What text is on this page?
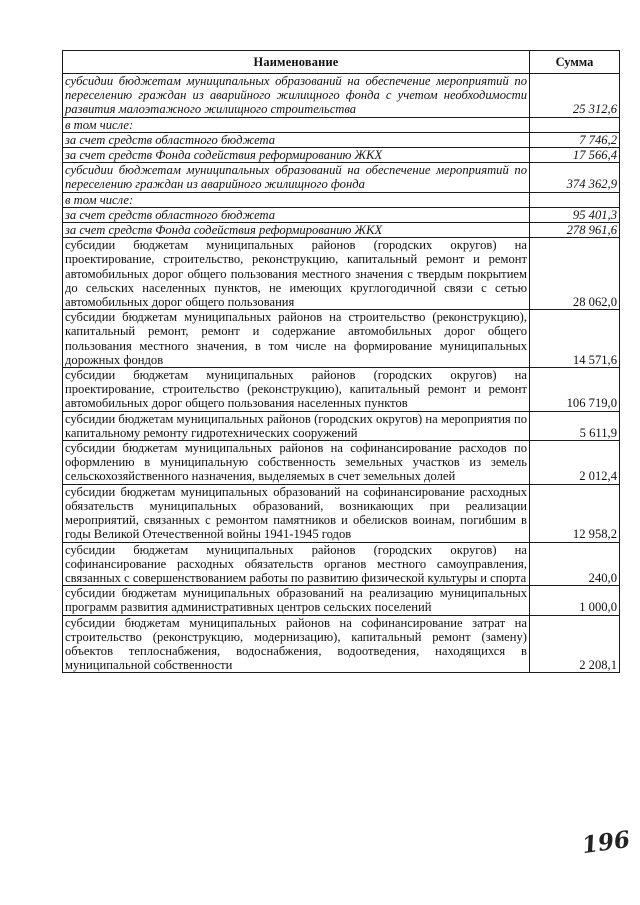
Наименование	Сумма
субсидии бюджетам муниципальных образований на обеспечение мероприятий по переселению граждан из аварийного жилищного фонда с учетом необходимости развития малоэтажного жилищного строительства	25 312,6
в том числе:	
за счет средств областного бюджета	7 746,2
за счет средств Фонда содействия реформированию ЖКХ	17 566,4
субсидии бюджетам муниципальных образований на обеспечение мероприятий по переселению граждан из аварийного жилищного фонда	374 362,9
в том числе:	
за счет средств областного бюджета	95 401,3
за счет средств Фонда содействия реформированию ЖКХ	278 961,6
субсидии бюджетам муниципальных районов (городских округов) на проектирование, строительство, реконструкцию, капитальный ремонт и ремонт автомобильных дорог общего пользования местного значения с твердым покрытием до сельских населенных пунктов, не имеющих круглогодичной связи с сетью автомобильных дорог общего пользования	28 062,0
субсидии бюджетам муниципальных районов на строительство (реконструкцию), капитальный ремонт, ремонт и содержание автомобильных дорог общего пользования местного значения, в том числе на формирование муниципальных дорожных фондов	14 571,6
субсидии бюджетам муниципальных районов (городских округов) на проектирование, строительство (реконструкцию), капитальный ремонт и ремонт автомобильных дорог общего пользования населенных пунктов	106 719,0
субсидии бюджетам муниципальных районов (городских округов) на мероприятия по капитальному ремонту гидротехнических сооружений	5 611,9
субсидии бюджетам муниципальных районов на софинансирование расходов по оформлению в муниципальную собственность земельных участков из земель сельскохозяйственного назначения, выделяемых в счет земельных долей	2 012,4
субсидии бюджетам муниципальных образований на софинансирование расходных обязательств муниципальных образований, возникающих при реализации мероприятий, связанных с ремонтом памятников и обелисков воинам, погибшим в годы Великой Отечественной войны 1941-1945 годов	12 958,2
субсидии бюджетам муниципальных районов (городских округов) на софинансирование расходных обязательств органов местного самоуправления, связанных с совершенствованием работы по развитию физической культуры и спорта	240,0
субсидии бюджетам муниципальных образований на реализацию муниципальных программ развития административных центров сельских поселений	1 000,0
субсидии бюджетам муниципальных районов на софинансирование затрат на строительство (реконструкцию, модернизацию), капитальный ремонт (замену) объектов теплоснабжения, водоснабжения, водоотведения, находящихся в муниципальной собственности	2 208,1
196
